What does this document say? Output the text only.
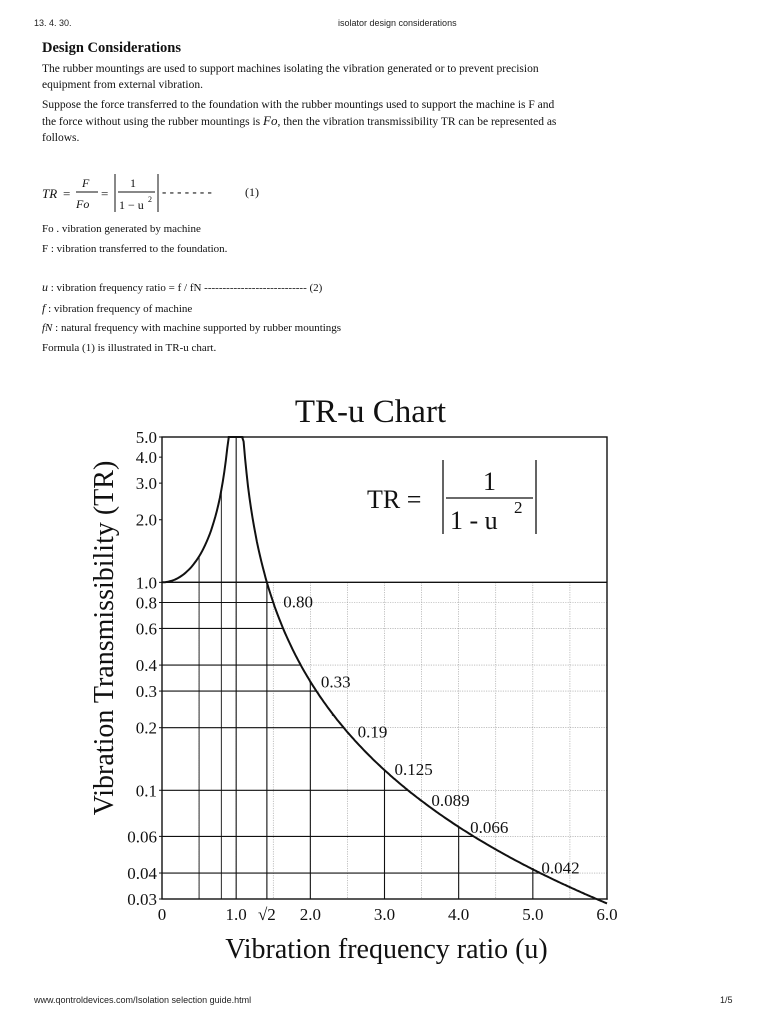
13. 4. 30.	isolator design considerations
Design Considerations

The rubber mountings are used to support machines isolating the vibration generated or to prevent precision equipment from external vibration.

Suppose the force transferred to the foundation with the rubber mountings used to support the machine is F and the force without using the rubber mountings is Fo, then the vibration transmissibility TR can be represented as follows.

TR =
F
Fo
=
1
1 − u 2
- - - - - - -	(1)
Fo . vibration generated by machine
F : vibration transferred to the foundation.
u : vibration frequency ratio = f / fN ---------------------------- (2)
f : vibration frequency of machine
fN : natural frequency with machine supported by rubber mountings
Formula (1) is illustrated in TR-u chart.
5.0
4.0
3.0
2.0
1.0
0.8
0.6
0.4
0.3
0.2
0.1
0.06
0.04
0.03
0	1.0 √2 2.0	3.0	4.0	5.0	6.0
0.80
0.33
0.19
0.125
0.089
0.066
0.042
TR-u Chart
Vibration frequency ratio (u)
Vibration Transmissibility (TR)	TR =
1
1 - u 2
www.qontroldevices.com/Isolation selection guide.html	1/5
